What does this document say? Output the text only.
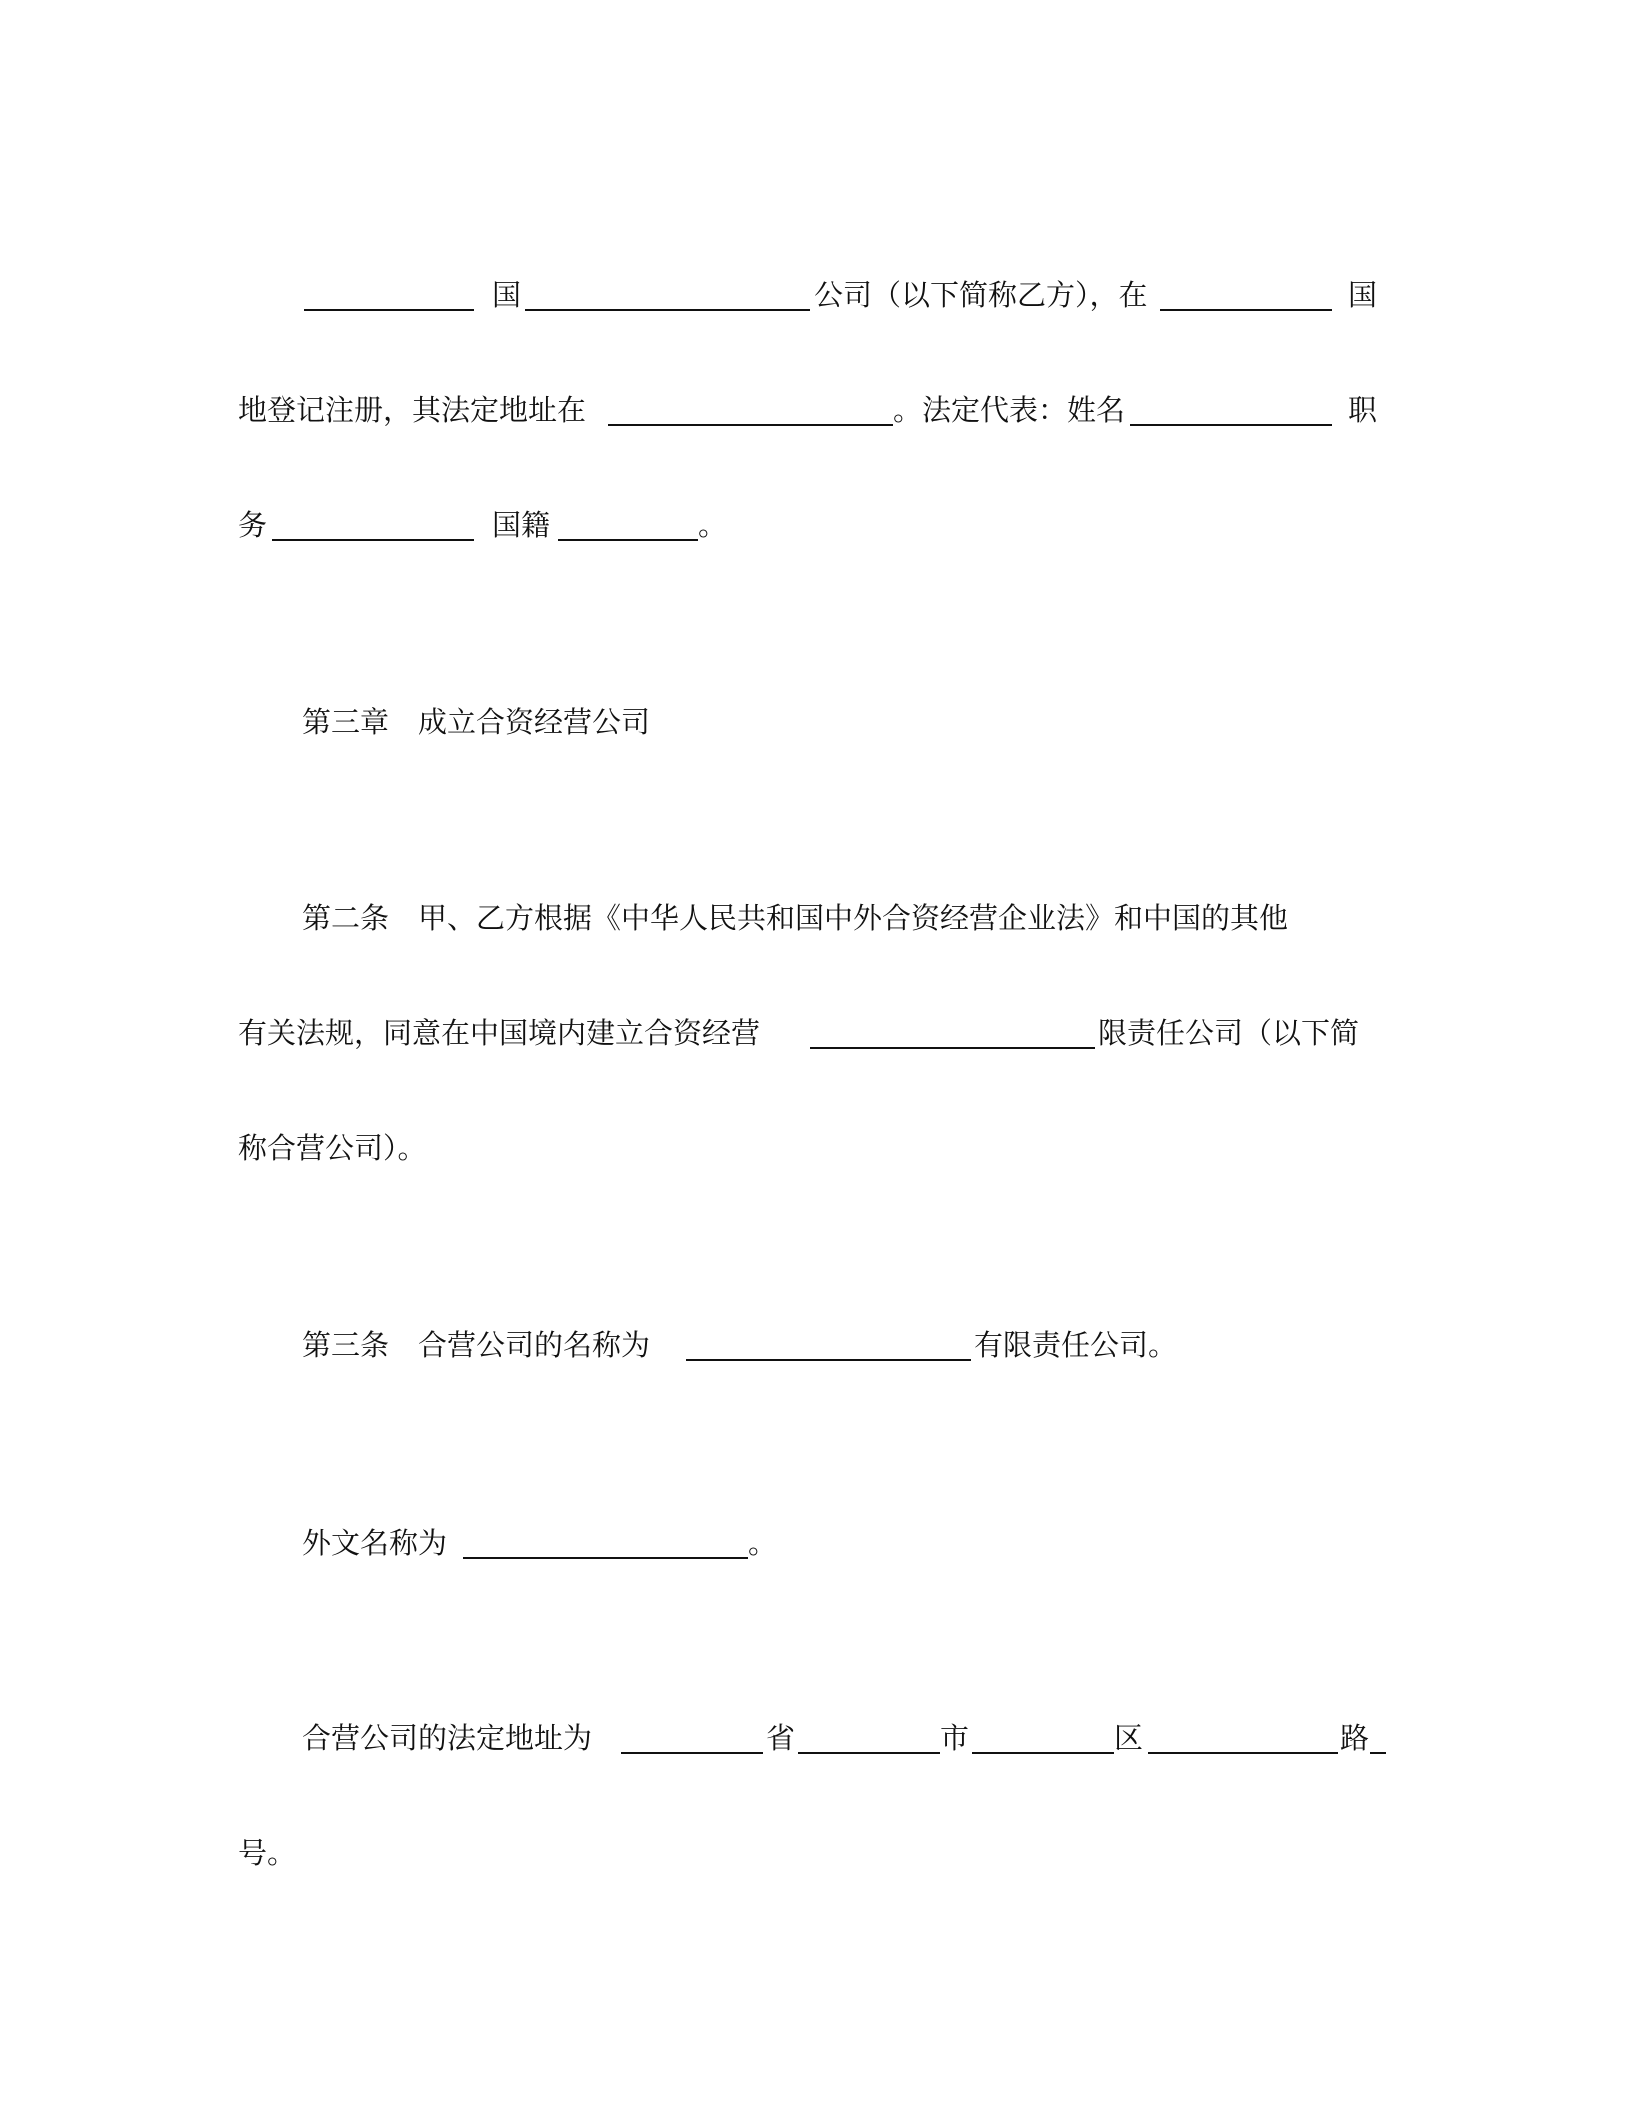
国	公司（以下简称乙方），在	国
地登记注册，其法定地址在	。法定代表：姓名	职
务	国籍	。
第三章　成立合资经营公司
第二条　甲、乙方根据《中华人民共和国中外合资经营企业法》和中国的其他
有关法规，同意在中国境内建立合资经营	限责任公司（以下简
称合营公司）。
第三条　合营公司的名称为	有限责任公司。
外文名称为	。
合营公司的法定地址为	省	市	区	路
号。
